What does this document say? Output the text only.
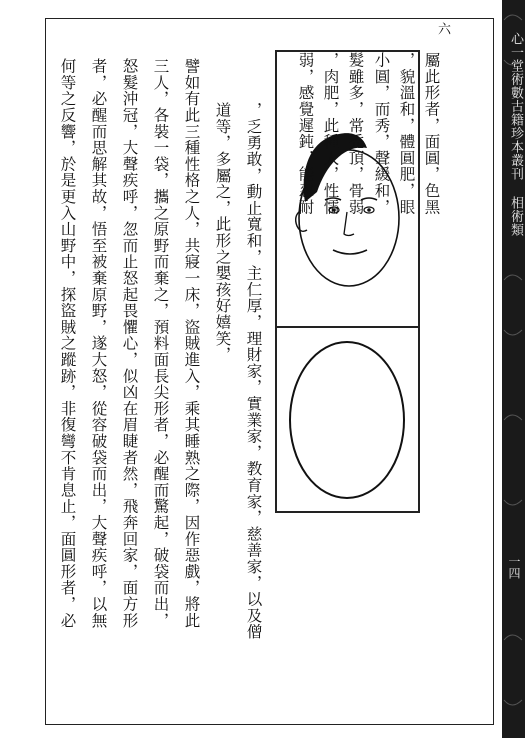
六
屬此形者，面圓，色黑
，貌溫和，體圓肥，眼
小圓，而秀，聲緩和，
髮雖多，常禿頂，骨弱
，肉肥，此種人，性懦
弱，感覺遲鈍，能忍耐
，乏勇敢，動止寬和，主仁厚，理財家，實業家，教育家，慈善家，以及僧
道等，多屬之，此形之嬰孩好嬉笑，
譬如有此三種性格之人，共寢一床，盜賊進入，乘其睡熟之際，因作惡戲，將此
三人，各裝一袋，攜之原野而棄之，預料面長尖形者，必醒而驚起，破袋而出，
怒髮沖冠，大聲疾呼，忽而止怒起畏懼心，似凶在眉睫者然，飛奔回家，面方形
者，必醒而思解其故，悟至被棄原野，遂大怒，從容破袋而出，大聲疾呼，以無
何等之反響，於是更入山野中，探盜賊之蹤跡，非復彎不肯息止，面圓形者，必	心一堂術數古籍珍本叢刊 相術類
一四
